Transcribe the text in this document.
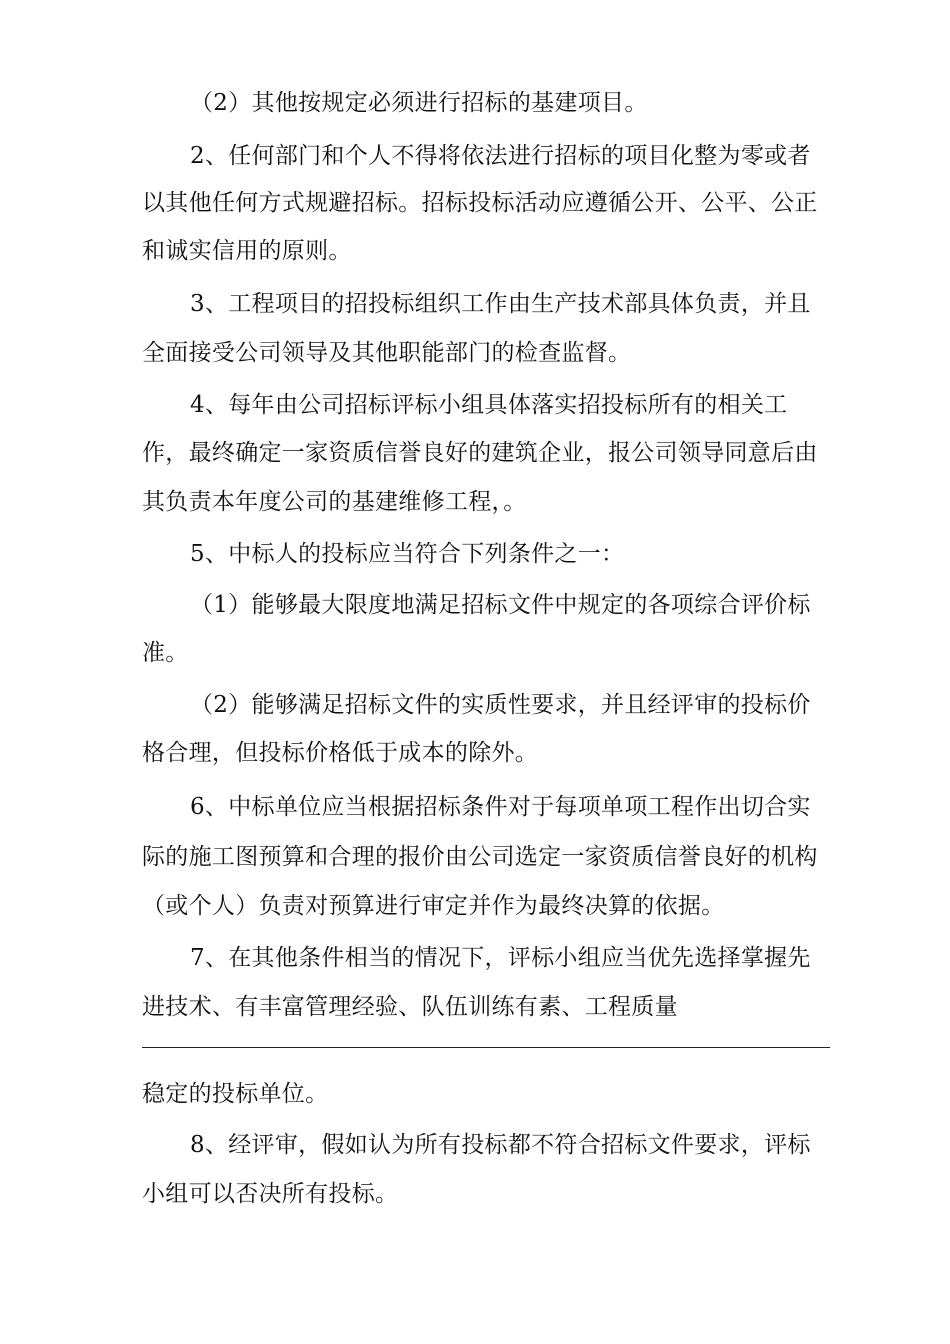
（2）其他按规定必须进行招标的基建项目。
2、任何部门和个人不得将依法进行招标的项目化整为零或者
以其他任何方式规避招标。招标投标活动应遵循公开、公平、公正
和诚实信用的原则。
3、工程项目的招投标组织工作由生产技术部具体负责，并且
全面接受公司领导及其他职能部门的检查监督。
4、每年由公司招标评标小组具体落实招投标所有的相关工
作，最终确定一家资质信誉良好的建筑企业，报公司领导同意后由
其负责本年度公司的基建维修工程，。
5、中标人的投标应当符合下列条件之一：
（1）能够最大限度地满足招标文件中规定的各项综合评价标
准。
（2）能够满足招标文件的实质性要求，并且经评审的投标价
格合理，但投标价格低于成本的除外。
6、中标单位应当根据招标条件对于每项单项工程作出切合实
际的施工图预算和合理的报价由公司选定一家资质信誉良好的机构
（或个人）负责对预算进行审定并作为最终决算的依据。
7、在其他条件相当的情况下，评标小组应当优先选择掌握先
进技术、有丰富管理经验、队伍训练有素、工程质量
稳定的投标单位。
8、经评审，假如认为所有投标都不符合招标文件要求，评标
小组可以否决所有投标。
